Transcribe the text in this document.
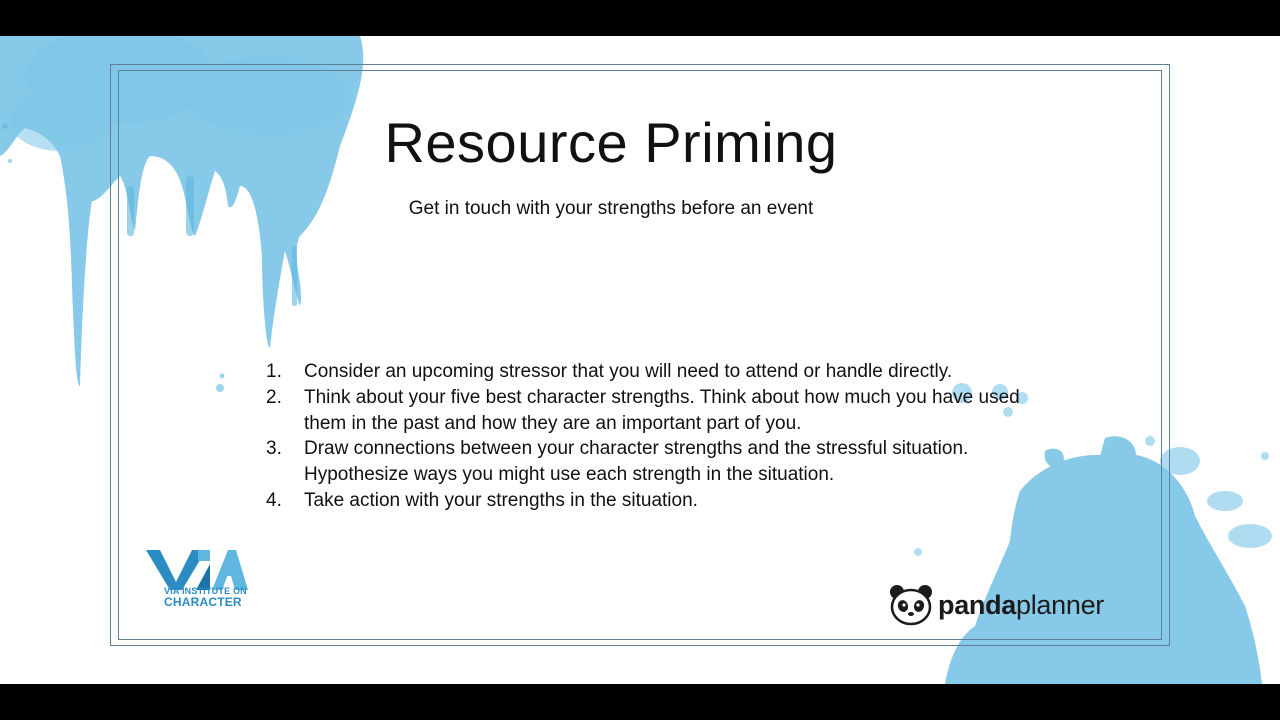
Resource Priming
Get in touch with your strengths before an event
1.	Consider an upcoming stressor that you will need to attend or handle directly.
2.	Think about your five best character strengths. Think about how much you have used them in the past and how they are an important part of you.
3.	Draw connections between your character strengths and the stressful situation. Hypothesize ways you might use each strength in the situation.
4.	Take action with your strengths in the situation.
VIA INSTITUTE ON
CHARACTER	pandaplanner
